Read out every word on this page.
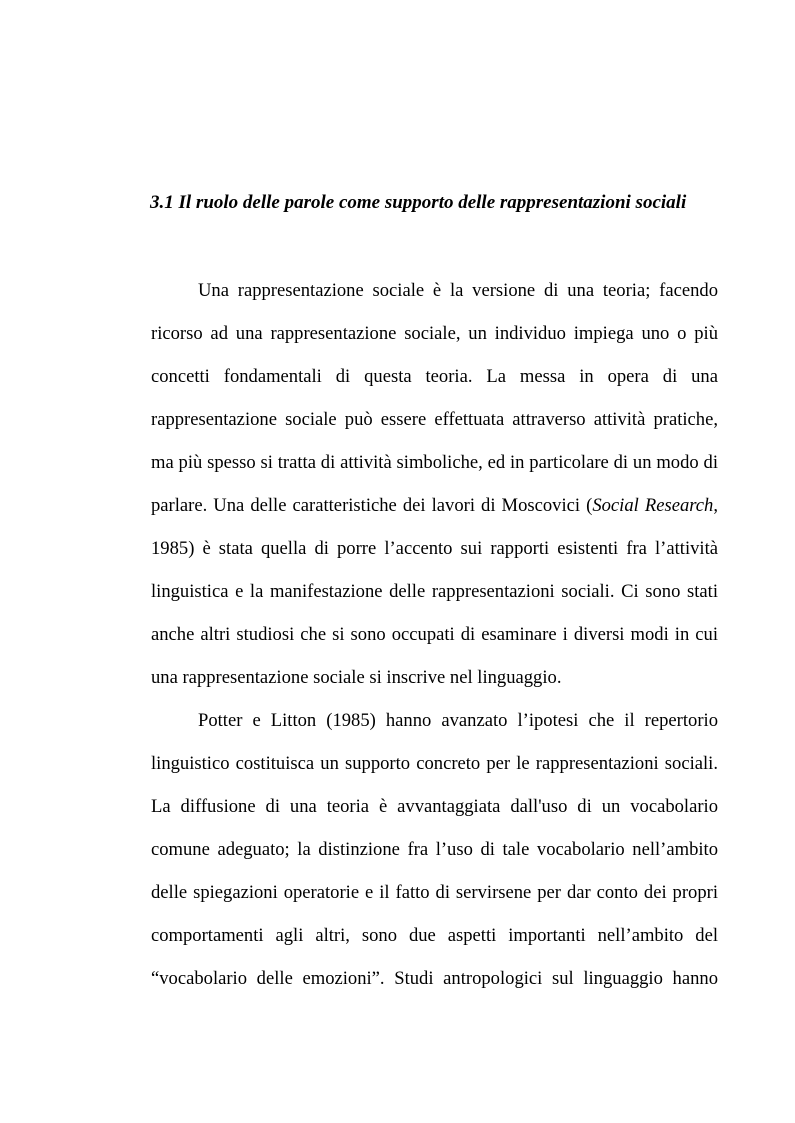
3.1 Il ruolo delle parole come supporto delle rappresentazioni sociali
Una rappresentazione sociale è la versione di una teoria; facendo
ricorso ad una rappresentazione sociale, un individuo impiega uno o più
concetti fondamentali di questa teoria. La messa in opera di una
rappresentazione sociale può essere effettuata attraverso attività pratiche,
ma più spesso si tratta di attività simboliche, ed in particolare di un modo di
parlare. Una delle caratteristiche dei lavori di Moscovici (Social Research,
1985) è stata quella di porre l’accento sui rapporti esistenti fra l’attività
linguistica e la manifestazione delle rappresentazioni sociali. Ci sono stati
anche altri studiosi che si sono occupati di esaminare i diversi modi in cui
una rappresentazione sociale si inscrive nel linguaggio.
Potter e Litton (1985) hanno avanzato l’ipotesi che il repertorio
linguistico costituisca un supporto concreto per le rappresentazioni sociali.
La diffusione di una teoria è avvantaggiata dall'uso di un vocabolario
comune adeguato; la distinzione fra l’uso di tale vocabolario nell’ambito
delle spiegazioni operatorie e il fatto di servirsene per dar conto dei propri
comportamenti agli altri, sono due aspetti importanti nell’ambito del
“vocabolario delle emozioni”. Studi antropologici sul linguaggio hanno
